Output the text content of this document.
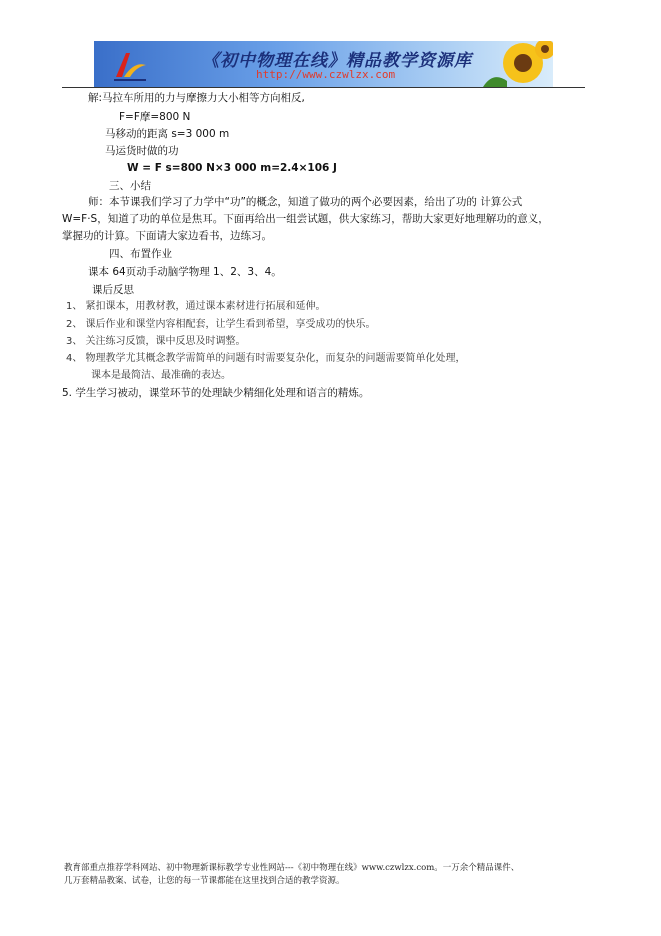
《初中物理在线》精品教学资源库
http://www.czwlzx.com
解:马拉车所用的力与摩擦力大小相等方向相反,
F=F摩=800 N
马移动的距离 s=3 000 m
马运货时做的功
W = F s=800 N×3 000 m=2.4×106 J
三、小结
师：本节课我们学习了力学中“功”的概念，知道了做功的两个必要因素，给出了功的 计算公式
W=F·S，知道了功的单位是焦耳。下面再给出一组尝试题，供大家练习，帮助大家更好地理解功的意义，
掌握功的计算。下面请大家边看书，边练习。
四、布置作业
课本 64页动手动脑学物理 1、2、3、4。
课后反思
1、 紧扣课本，用教材教，通过课本素材进行拓展和延伸。
2、 课后作业和课堂内容相配套，让学生看到希望，享受成功的快乐。
3、 关注练习反馈，课中反思及时调整。
4、 物理教学尤其概念教学需简单的问题有时需要复杂化，而复杂的问题需要简单化处理，
课本是最简洁、最准确的表达。
5. 学生学习被动，课堂环节的处理缺少精细化处理和语言的精炼。
教育部重点推荐学科网站、初中物理新课标教学专业性网站---《初中物理在线》www.czwlzx.com。一万余个精品课件、
几万套精品教案、试卷，让您的每一节课都能在这里找到合适的教学资源。
